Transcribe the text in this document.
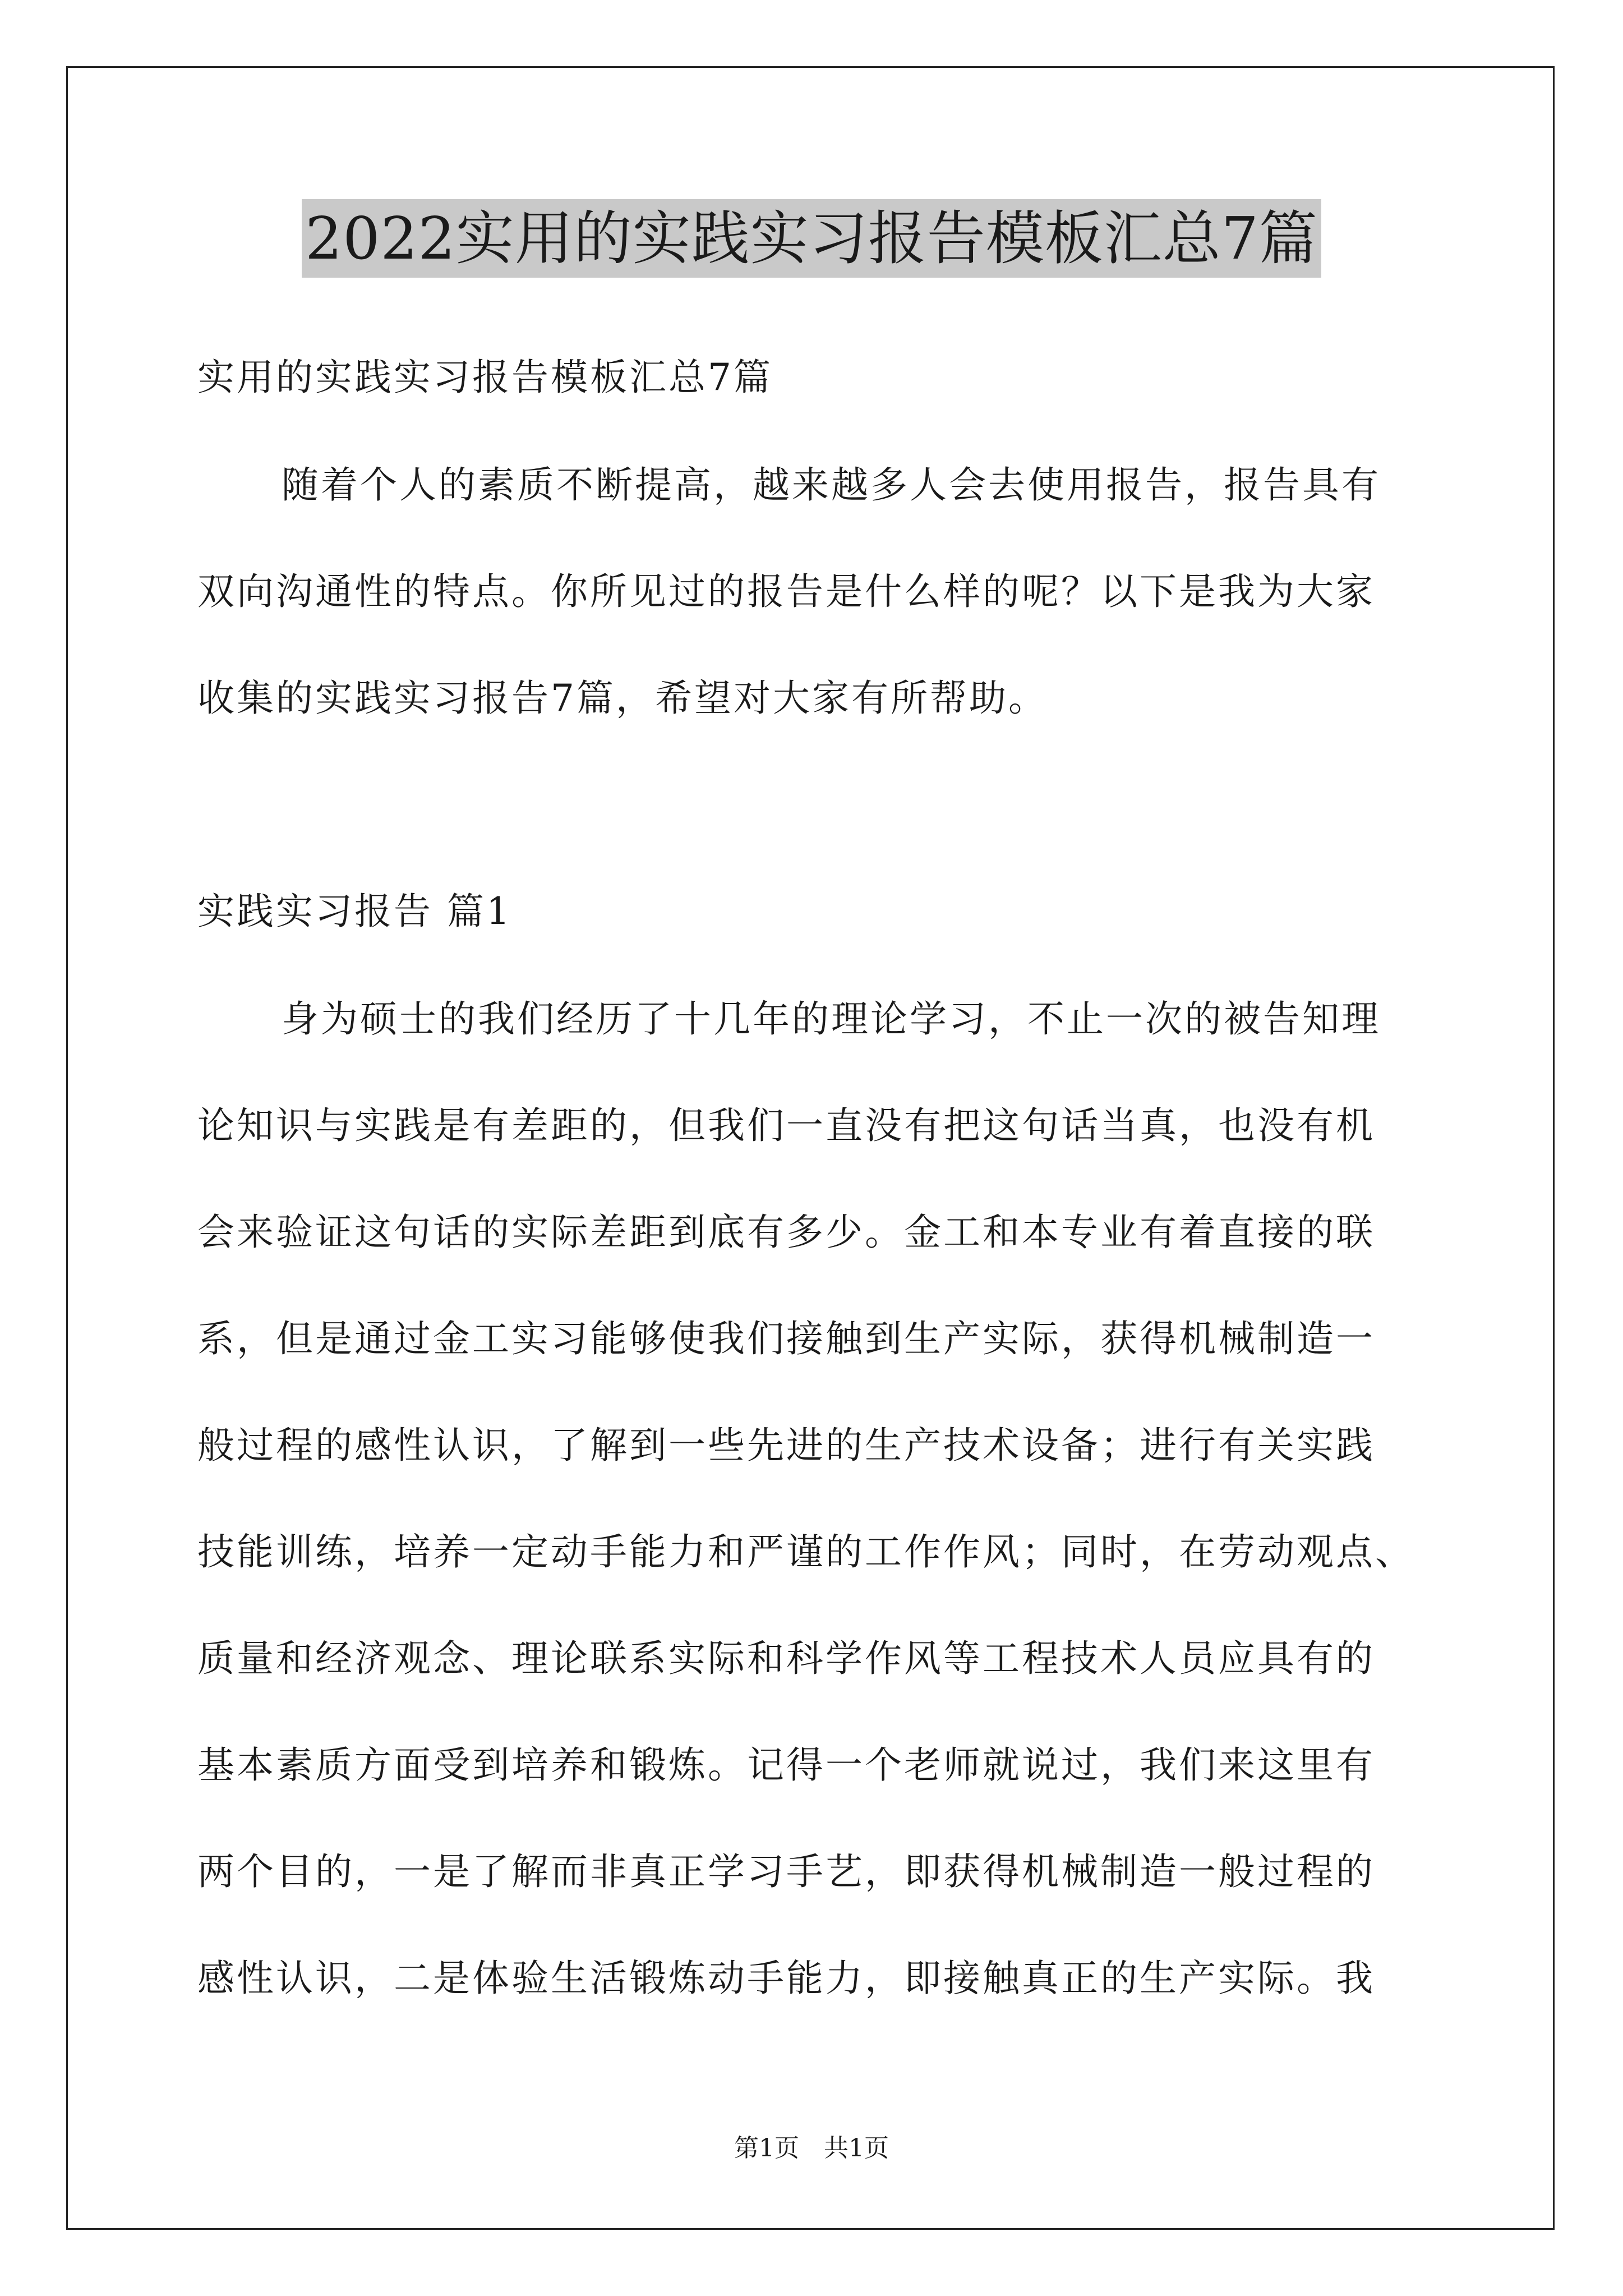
2022实用的实践实习报告模板汇总7篇
实用的实践实习报告模板汇总7篇
随着个人的素质不断提高，越来越多人会去使用报告，报告具有
双向沟通性的特点。你所见过的报告是什么样的呢？以下是我为大家
收集的实践实习报告7篇，希望对大家有所帮助。
实践实习报告 篇1
身为硕士的我们经历了十几年的理论学习，不止一次的被告知理
论知识与实践是有差距的，但我们一直没有把这句话当真，也没有机
会来验证这句话的实际差距到底有多少。金工和本专业有着直接的联
系，但是通过金工实习能够使我们接触到生产实际，获得机械制造一
般过程的感性认识，了解到一些先进的生产技术设备；进行有关实践
技能训练，培养一定动手能力和严谨的工作作风；同时，在劳动观点、
质量和经济观念、理论联系实际和科学作风等工程技术人员应具有的
基本素质方面受到培养和锻炼。记得一个老师就说过，我们来这里有
两个目的，一是了解而非真正学习手艺，即获得机械制造一般过程的
感性认识，二是体验生活锻炼动手能力，即接触真正的生产实际。我
第1页　共1页
